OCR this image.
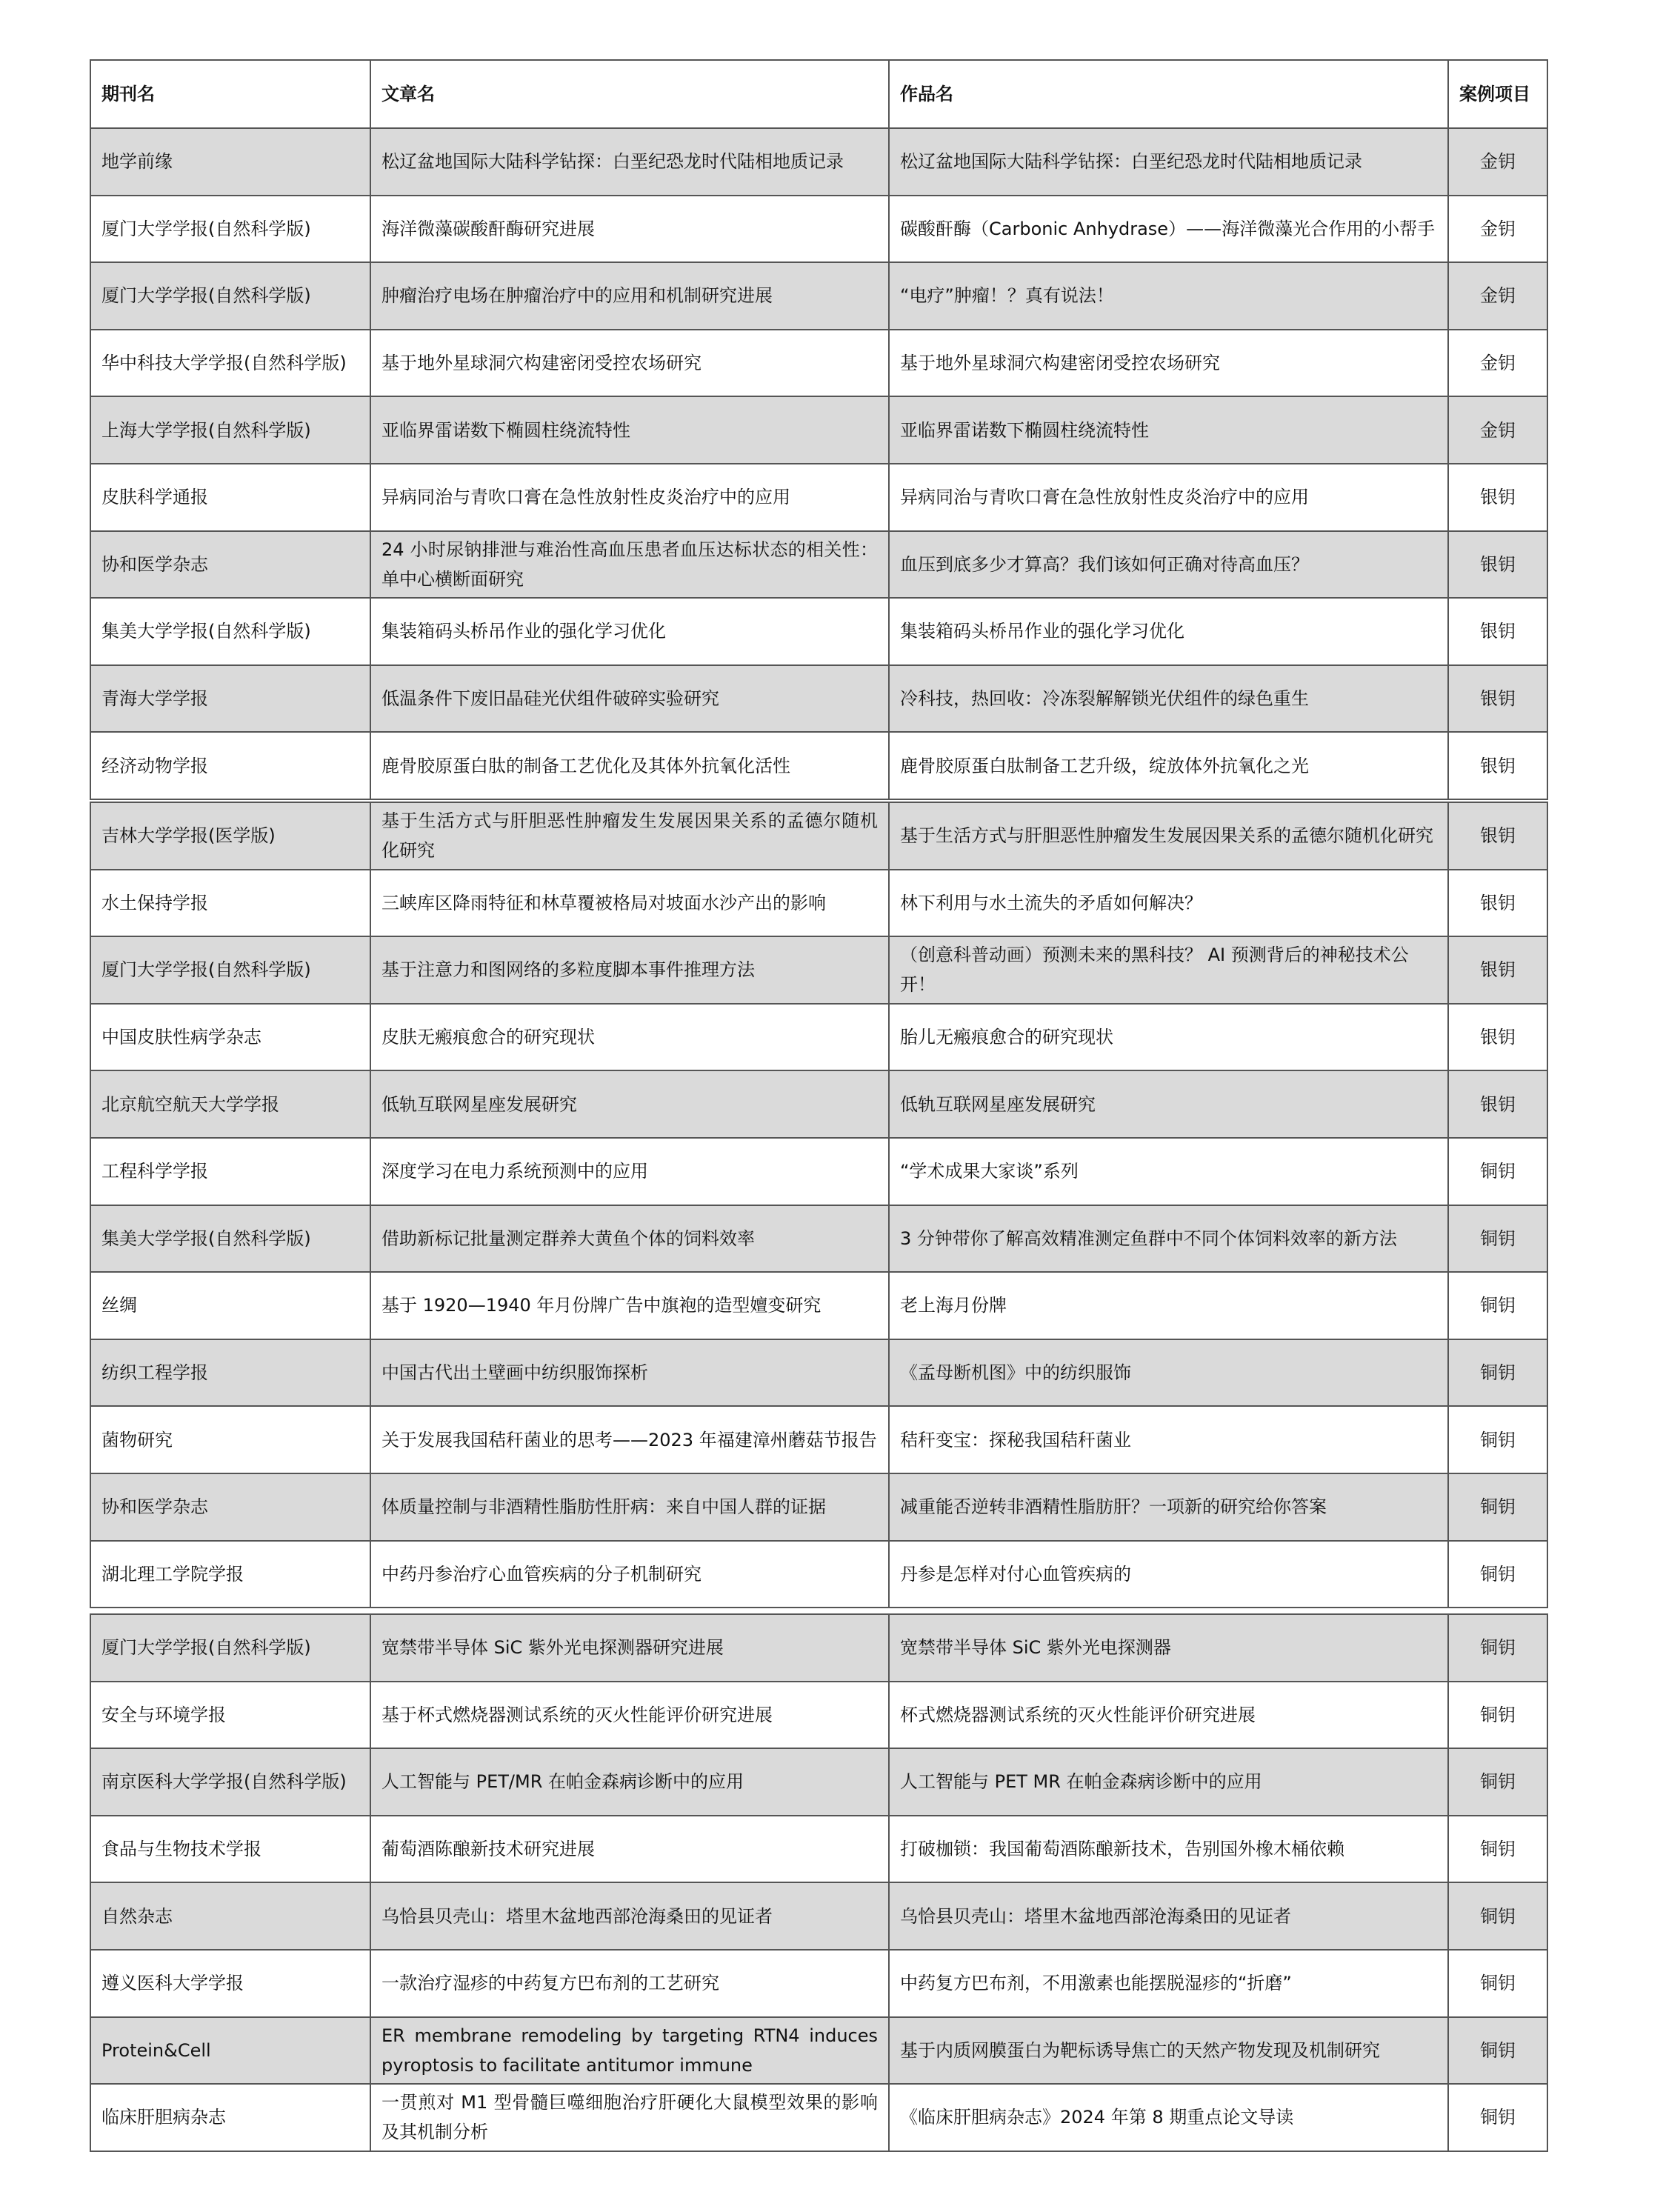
期刊名	文章名	作品名	案例项目
地学前缘	松辽盆地国际大陆科学钻探：白垩纪恐龙时代陆相地质记录	松辽盆地国际大陆科学钻探：白垩纪恐龙时代陆相地质记录	金钥
厦门大学学报(自然科学版)	海洋微藻碳酸酐酶研究进展	碳酸酐酶（Carbonic Anhydrase）——海洋微藻光合作用的小帮手	金钥
厦门大学学报(自然科学版)	肿瘤治疗电场在肿瘤治疗中的应用和机制研究进展	“电疗”肿瘤！？真有说法！	金钥
华中科技大学学报(自然科学版)	基于地外星球洞穴构建密闭受控农场研究	基于地外星球洞穴构建密闭受控农场研究	金钥
上海大学学报(自然科学版)	亚临界雷诺数下椭圆柱绕流特性	亚临界雷诺数下椭圆柱绕流特性	金钥
皮肤科学通报	异病同治与青吹口膏在急性放射性皮炎治疗中的应用	异病同治与青吹口膏在急性放射性皮炎治疗中的应用	银钥
协和医学杂志	24 小时尿钠排泄与难治性高血压患者血压达标状态的相关性：单中心横断面研究	血压到底多少才算高？我们该如何正确对待高血压？	银钥
集美大学学报(自然科学版)	集装箱码头桥吊作业的强化学习优化	集装箱码头桥吊作业的强化学习优化	银钥
青海大学学报	低温条件下废旧晶硅光伏组件破碎实验研究	冷科技，热回收：冷冻裂解解锁光伏组件的绿色重生	银钥
经济动物学报	鹿骨胶原蛋白肽的制备工艺优化及其体外抗氧化活性	鹿骨胶原蛋白肽制备工艺升级，绽放体外抗氧化之光	银钥
吉林大学学报(医学版)	基于生活方式与肝胆恶性肿瘤发生发展因果关系的孟德尔随机化研究	基于生活方式与肝胆恶性肿瘤发生发展因果关系的孟德尔随机化研究	银钥
水土保持学报	三峡库区降雨特征和林草覆被格局对坡面水沙产出的影响	林下利用与水土流失的矛盾如何解决？	银钥
厦门大学学报(自然科学版)	基于注意力和图网络的多粒度脚本事件推理方法	（创意科普动画）预测未来的黑科技？ AI 预测背后的神秘技术公开！	银钥
中国皮肤性病学杂志	皮肤无瘢痕愈合的研究现状	胎儿无瘢痕愈合的研究现状	银钥
北京航空航天大学学报	低轨互联网星座发展研究	低轨互联网星座发展研究	银钥
工程科学学报	深度学习在电力系统预测中的应用	“学术成果大家谈”系列	铜钥
集美大学学报(自然科学版)	借助新标记批量测定群养大黄鱼个体的饲料效率	3 分钟带你了解高效精准测定鱼群中不同个体饲料效率的新方法	铜钥
丝绸	基于 1920—1940 年月份牌广告中旗袍的造型嬗变研究	老上海月份牌	铜钥
纺织工程学报	中国古代出土壁画中纺织服饰探析	《孟母断机图》中的纺织服饰	铜钥
菌物研究	关于发展我国秸秆菌业的思考——2023 年福建漳州蘑菇节报告	秸秆变宝：探秘我国秸秆菌业	铜钥
协和医学杂志	体质量控制与非酒精性脂肪性肝病：来自中国人群的证据	减重能否逆转非酒精性脂肪肝？一项新的研究给你答案	铜钥
湖北理工学院学报	中药丹参治疗心血管疾病的分子机制研究	丹参是怎样对付心血管疾病的	铜钥
厦门大学学报(自然科学版)	宽禁带半导体 SiC 紫外光电探测器研究进展	宽禁带半导体 SiC 紫外光电探测器	铜钥
安全与环境学报	基于杯式燃烧器测试系统的灭火性能评价研究进展	杯式燃烧器测试系统的灭火性能评价研究进展	铜钥
南京医科大学学报(自然科学版)	人工智能与 PET/MR 在帕金森病诊断中的应用	人工智能与 PET MR 在帕金森病诊断中的应用	铜钥
食品与生物技术学报	葡萄酒陈酿新技术研究进展	打破枷锁：我国葡萄酒陈酿新技术，告别国外橡木桶依赖	铜钥
自然杂志	乌恰县贝壳山：塔里木盆地西部沧海桑田的见证者	乌恰县贝壳山：塔里木盆地西部沧海桑田的见证者	铜钥
遵义医科大学学报	一款治疗湿疹的中药复方巴布剂的工艺研究	中药复方巴布剂，不用激素也能摆脱湿疹的“折磨”	铜钥
Protein&Cell	ER membrane remodeling by targeting RTN4 induces pyroptosis to facilitate antitumor immune	基于内质网膜蛋白为靶标诱导焦亡的天然产物发现及机制研究	铜钥
临床肝胆病杂志	一贯煎对 M1 型骨髓巨噬细胞治疗肝硬化大鼠模型效果的影响及其机制分析	《临床肝胆病杂志》2024 年第 8 期重点论文导读	铜钥
